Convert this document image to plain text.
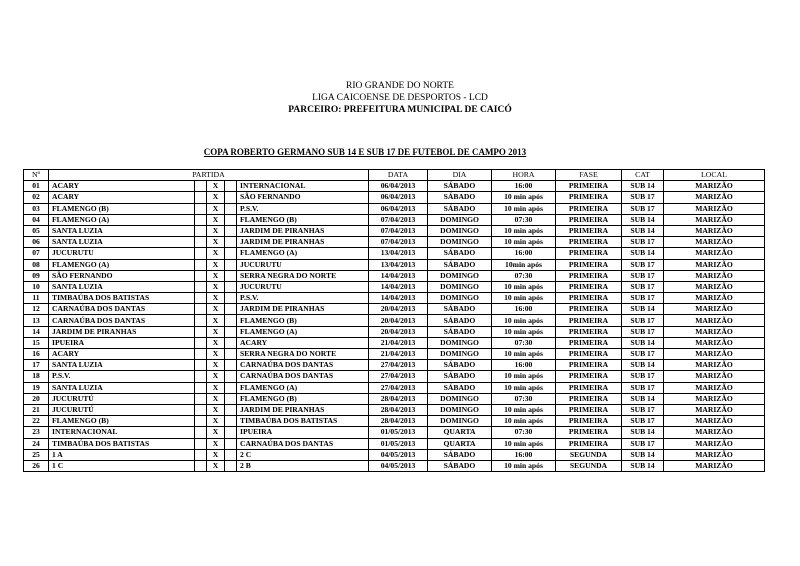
RIO GRANDE DO NORTE
LIGA CAICOENSE DE DESPORTOS - LCD
PARCEIRO: PREFEITURA MUNICIPAL DE CAICÓ
COPA ROBERTO GERMANO SUB 14 E SUB 17 DE FUTEBOL DE CAMPO 2013
Nº	PARTIDA					DATA	DIA	HORA	FASE	CAT	LOCAL
01	ACARY		X		INTERNACIONAL	06/04/2013	SÁBADO	16:00	PRIMEIRA	SUB 14	MARIZÃO
02	ACARY		X		SÃO FERNANDO	06/04/2013	SÁBADO	10 min após	PRIMEIRA	SUB 17	MARIZÃO
03	FLAMENGO (B)		X		P.S.V.	06/04/2013	SÁBADO	10 min após	PRIMEIRA	SUB 17	MARIZÃO
04	FLAMENGO (A)		X		FLAMENGO (B)	07/04/2013	DOMINGO	07:30	PRIMEIRA	SUB 14	MARIZÃO
05	SANTA LUZIA		X		JARDIM DE PIRANHAS	07/04/2013	DOMINGO	10 min após	PRIMEIRA	SUB 14	MARIZÃO
06	SANTA LUZIA		X		JARDIM DE PIRANHAS	07/04/2013	DOMINGO	10 min após	PRIMEIRA	SUB 17	MARIZÃO
07	JUCURUTU		X		FLAMENGO (A)	13/04/2013	SÁBADO	16:00	PRIMEIRA	SUB 14	MARIZÃO
08	FLAMENGO (A)		X		JUCURUTU	13/04/2013	SÁBADO	10min após	PRIMEIRA	SUB 17	MARIZÃO
09	SÃO FERNANDO		X		SERRA NEGRA DO NORTE	14/04/2013	DOMINGO	07:30	PRIMEIRA	SUB 17	MARIZÃO
10	SANTA LUZIA		X		JUCURUTU	14/04/2013	DOMINGO	10 min após	PRIMEIRA	SUB 17	MARIZÃO
11	TIMBAÚBA DOS BATISTAS		X		P.S.V.	14/04/2013	DOMINGO	10 min após	PRIMEIRA	SUB 17	MARIZÃO
12	CARNAÚBA DOS DANTAS		X		JARDIM DE PIRANHAS	20/04/2013	SÁBADO	16:00	PRIMEIRA	SUB 14	MARIZÃO
13	CARNAÚBA DOS DANTAS		X		FLAMENGO (B)	20/04/2013	SÁBADO	10 min após	PRIMEIRA	SUB 17	MARIZÃO
14	JARDIM DE PIRANHAS		X		FLAMENGO (A)	20/04/2013	SÁBADO	10 min após	PRIMEIRA	SUB 17	MARIZÃO
15	IPUEIRA		X		ACARY	21/04/2013	DOMINGO	07:30	PRIMEIRA	SUB 14	MARIZÃO
16	ACARY		X		SERRA NEGRA DO NORTE	21/04/2013	DOMINGO	10 min após	PRIMEIRA	SUB 17	MARIZÃO
17	SANTA LUZIA		X		CARNAÚBA DOS DANTAS	27/04/2013	SÁBADO	16:00	PRIMEIRA	SUB 14	MARIZÃO
18	P.S.V.		X		CARNAÚBA DOS DANTAS	27/04/2013	SÁBADO	10 min após	PRIMEIRA	SUB 17	MARIZÃO
19	SANTA LUZIA		X		FLAMENGO (A)	27/04/2013	SÁBADO	10 min após	PRIMEIRA	SUB 17	MARIZÃO
20	JUCURUTÚ		X		FLAMENGO (B)	28/04/2013	DOMINGO	07:30	PRIMEIRA	SUB 14	MARIZÃO
21	JUCURUTÚ		X		JARDIM DE PIRANHAS	28/04/2013	DOMINGO	10 min após	PRIMEIRA	SUB 17	MARIZÃO
22	FLAMENGO (B)		X		TIMBAÚBA DOS BATISTAS	28/04/2013	DOMINGO	10 min após	PRIMEIRA	SUB 17	MARIZÃO
23	INTERNACIONAL		X		IPUEIRA	01/05/2013	QUARTA	07:30	PRIMEIRA	SUB 14	MARIZÃO
24	TIMBAÚBA DOS BATISTAS		X		CARNAÚBA DOS DANTAS	01/05/2013	QUARTA	10 min após	PRIMEIRA	SUB 17	MARIZÃO
25	1 A		X		2 C	04/05/2013	SÁBADO	16:00	SEGUNDA	SUB 14	MARIZÃO
26	1 C		X		2 B	04/05/2013	SÁBADO	10 min após	SEGUNDA	SUB 14	MARIZÃO
